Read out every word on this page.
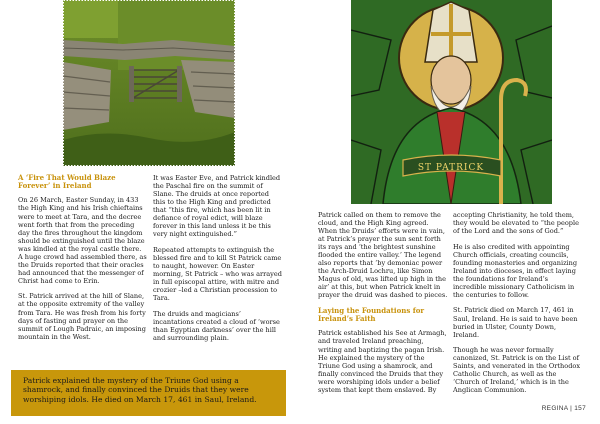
A ‘Fire That Would Blaze Forever’ in Ireland

On 26 March, Easter Sunday, in 433 the High King and his Irish chieftains were to meet at Tara, and the decree went forth that from the preceding day the fires throughout the kingdom should be extinguished until the blaze was kindled at the royal castle there. A huge crowd had assembled there, as the Druids reported that their oracles had announced that the messenger of Christ had come to Erin.

St. Patrick arrived at the hill of Slane, at the opposite extremity of the valley from Tara. He was fresh from his forty days of fasting and prayer on the summit of Lough Padraic, an imposing mountain in the West.

It was Easter Eve, and Patrick kindled the Paschal fire on the summit of Slane. The druids at once reported this to the High King and predicted that “this fire, which has been lit in defiance of royal edict, will blaze forever in this land unless it be this very night extinguished.”

Repeated attempts to extinguish the blessed fire and to kill St Patrick came to naught, however. On Easter morning, St Patrick – who was arrayed in full episcopal attire, with mitre and crozier –led a Christian procession to Tara.

The druids and magicians’ incantations created a cloud of ‘worse than Egyptian darkness’ over the hill and surrounding plain.

Patrick explained the mystery of the Triune God using a shamrock, and finally convinced the Druids that they were worshiping idols. He died on March 17, 461 in Saul, Ireland.
ST PATRICK

Patrick called on them to remove the cloud, and the High King agreed. When the Druids’ efforts were in vain, at Patrick’s prayer the sun sent forth its rays and ‘the brightest sunshine flooded the entire valley.’ The legend also reports that ‘by demoniac power the Arch-Druid Lochru, like Simon Magus of old, was lifted up high in the air’ at this, but when Patrick knelt in prayer the druid was dashed to pieces.

Laying the Foundations for Ireland’s Faith

Patrick established his See at Armagh, and traveled Ireland preaching, writing and baptizing the pagan Irish. He explained the mystery of the Triune God using a shamrock, and finally convinced the Druids that they were worshiping idols under a belief system that kept them enslaved. By

accepting Christianity, he told them, they would be elevated to “the people of the Lord and the sons of God.”

He is also credited with appointing Church officials, creating councils, founding monasteries and organizing Ireland into dioceses, in effect laying the foundations for Ireland’s incredible missionary Catholicism in the centuries to follow.

St. Patrick died on March 17, 461 in Saul, Ireland. He is said to have been buried in Ulster, County Down, Ireland.

Though he was never formally canonized, St. Patrick is on the List of Saints, and venerated in the Orthodox Catholic Church, as well as the ‘Church of Ireland,’ which is in the Anglican Communion.

REGINA | 157
